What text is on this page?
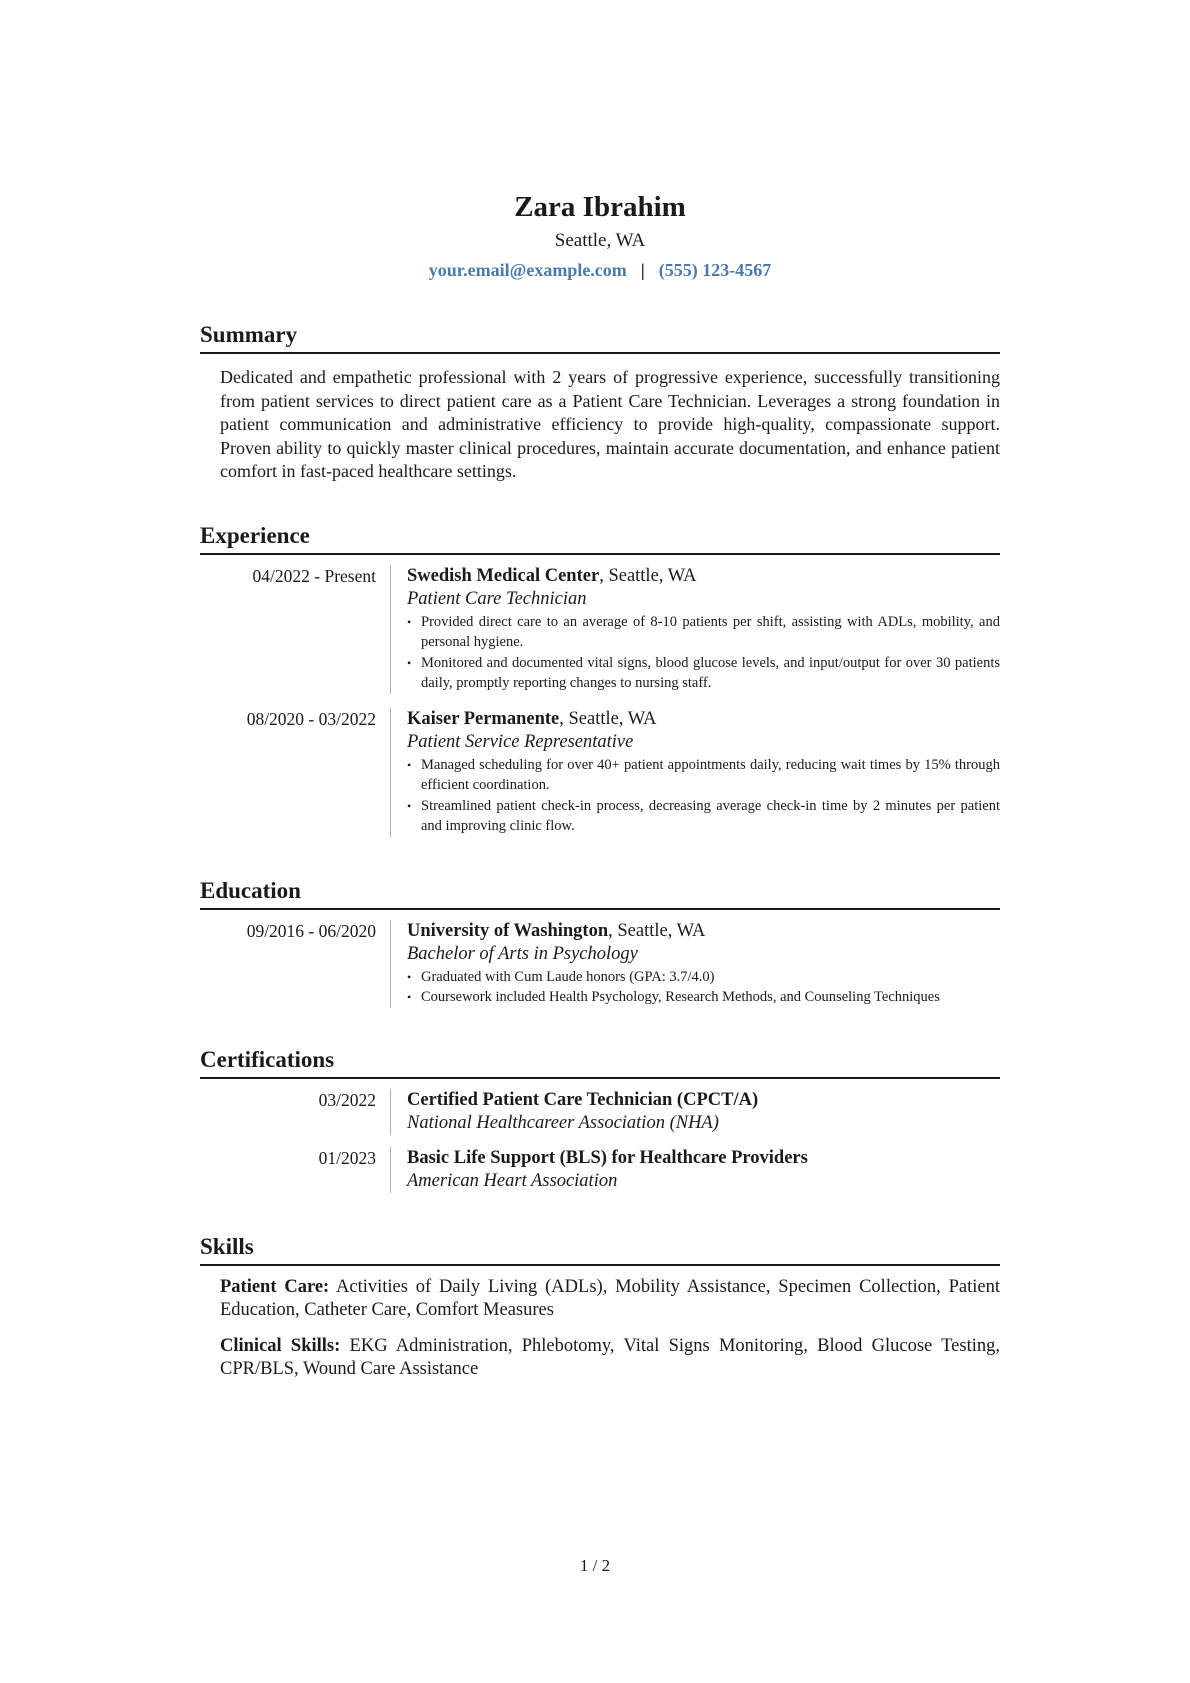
Zara Ibrahim
Seattle, WA
your.email@example.com | (555) 123-4567
Summary

Dedicated and empathetic professional with 2 years of progressive experience, successfully transitioning from patient services to direct patient care as a Patient Care Technician. Leverages a strong foundation in patient communication and administrative efficiency to provide high-quality, compassionate support. Proven ability to quickly master clinical procedures, maintain accurate documentation, and enhance patient comfort in fast-paced healthcare settings.

Experience
04/2022 - Present	Swedish Medical Center, Seattle, WA
Patient Care Technician
• Provided direct care to an average of 8-10 patients per shift, assisting with ADLs, mobility, and personal hygiene.
• Monitored and documented vital signs, blood glucose levels, and input/output for over 30 patients daily, promptly reporting changes to nursing staff.
08/2020 - 03/2022	Kaiser Permanente, Seattle, WA
Patient Service Representative
• Managed scheduling for over 40+ patient appointments daily, reducing wait times by 15% through efficient coordination.
• Streamlined patient check-in process, decreasing average check-in time by 2 minutes per patient and improving clinic flow.
Education
09/2016 - 06/2020	University of Washington, Seattle, WA
Bachelor of Arts in Psychology
• Graduated with Cum Laude honors (GPA: 3.7/4.0)
• Coursework included Health Psychology, Research Methods, and Counseling Techniques
Certifications
03/2022	Certified Patient Care Technician (CPCT/A)
National Healthcareer Association (NHA)
01/2023	Basic Life Support (BLS) for Healthcare Providers
American Heart Association
Skills
Patient Care: Activities of Daily Living (ADLs), Mobility Assistance, Specimen Collection, Patient Education, Catheter Care, Comfort Measures
Clinical Skills: EKG Administration, Phlebotomy, Vital Signs Monitoring, Blood Glucose Testing, CPR/BLS, Wound Care Assistance
1 / 2
